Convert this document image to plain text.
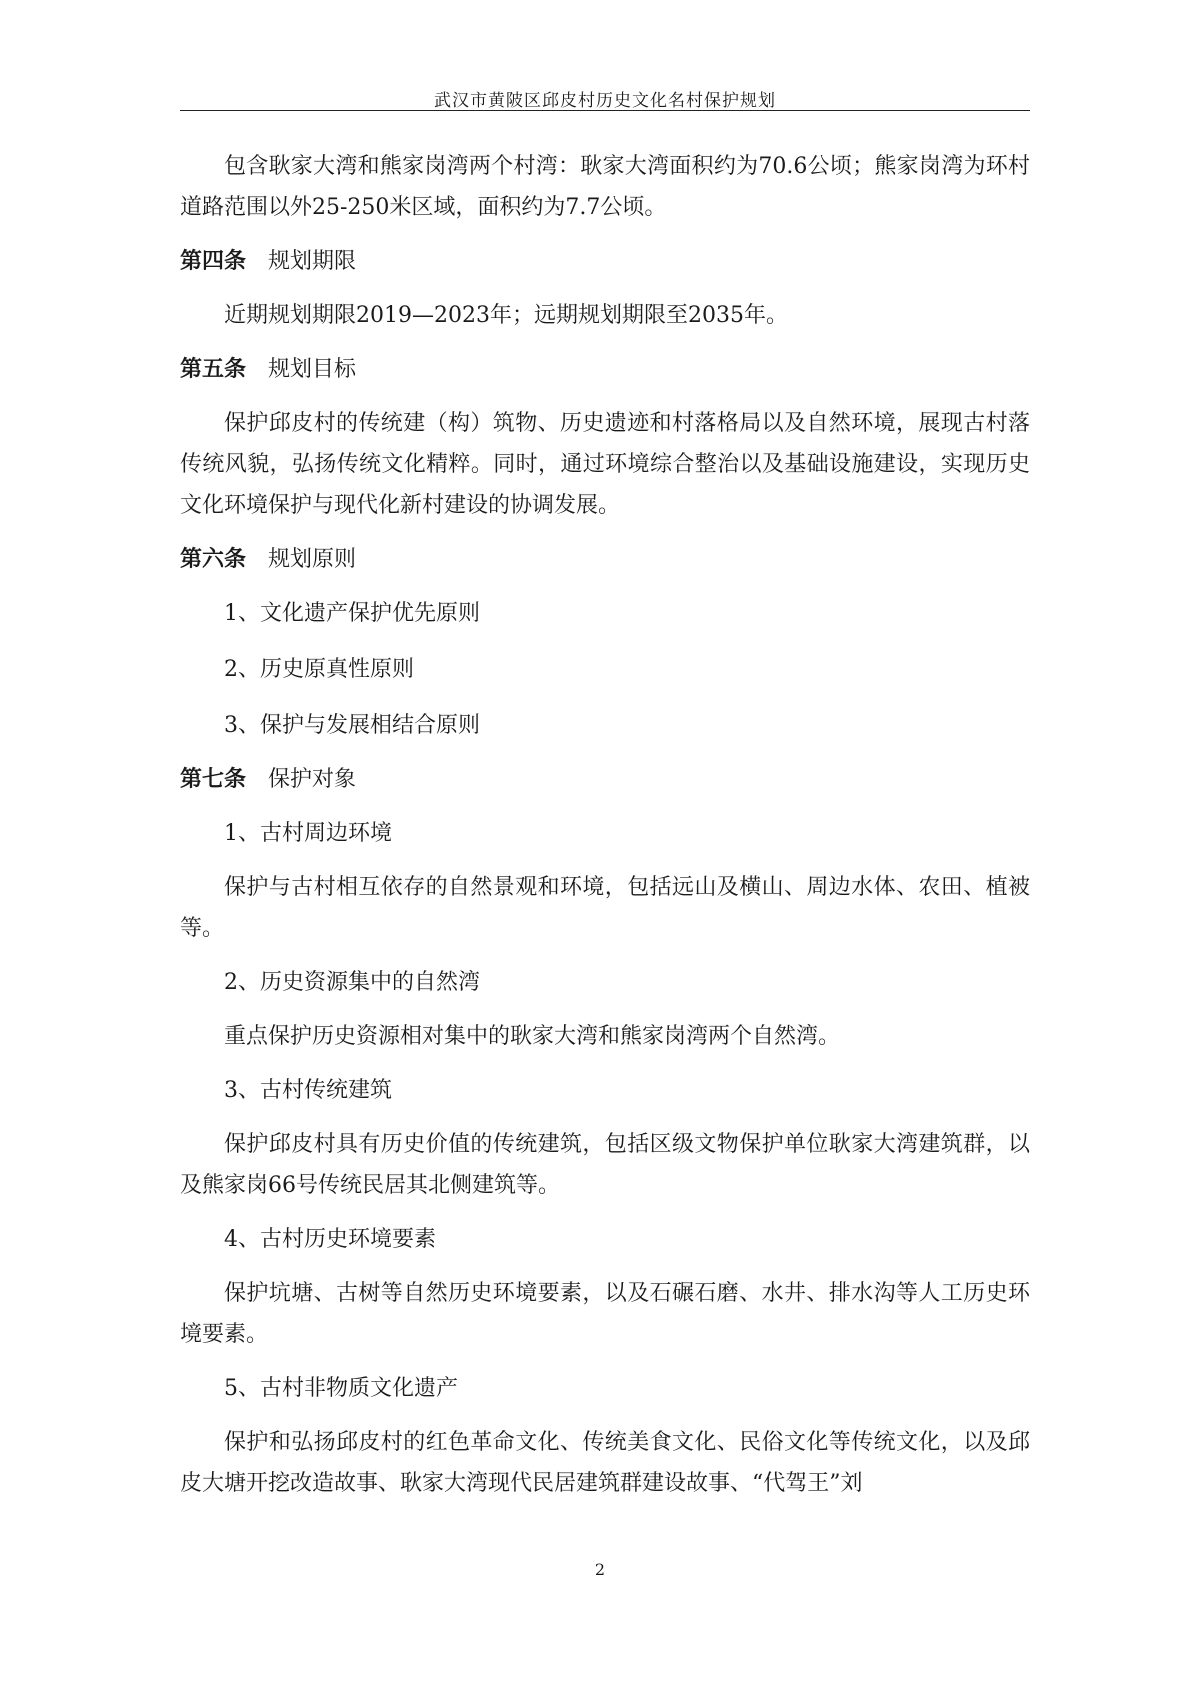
武汉市黄陂区邱皮村历史文化名村保护规划

包含耿家大湾和熊家岗湾两个村湾：耿家大湾面积约为70.6公顷；熊家岗湾为环村道路范围以外25-250米区域，面积约为7.7公顷。

第四条 规划期限

近期规划期限2019—2023年；远期规划期限至2035年。

第五条 规划目标

保护邱皮村的传统建（构）筑物、历史遗迹和村落格局以及自然环境，展现古村落传统风貌，弘扬传统文化精粹。同时，通过环境综合整治以及基础设施建设，实现历史文化环境保护与现代化新村建设的协调发展。

第六条 规划原则

1、文化遗产保护优先原则

2、历史原真性原则

3、保护与发展相结合原则

第七条 保护对象

1、古村周边环境

保护与古村相互依存的自然景观和环境，包括远山及横山、周边水体、农田、植被等。

2、历史资源集中的自然湾

重点保护历史资源相对集中的耿家大湾和熊家岗湾两个自然湾。

3、古村传统建筑

保护邱皮村具有历史价值的传统建筑，包括区级文物保护单位耿家大湾建筑群，以及熊家岗66号传统民居其北侧建筑等。

4、古村历史环境要素

保护坑塘、古树等自然历史环境要素，以及石碾石磨、水井、排水沟等人工历史环境要素。

5、古村非物质文化遗产

保护和弘扬邱皮村的红色革命文化、传统美食文化、民俗文化等传统文化，以及邱皮大塘开挖改造故事、耿家大湾现代民居建筑群建设故事、“代驾王”刘

2
